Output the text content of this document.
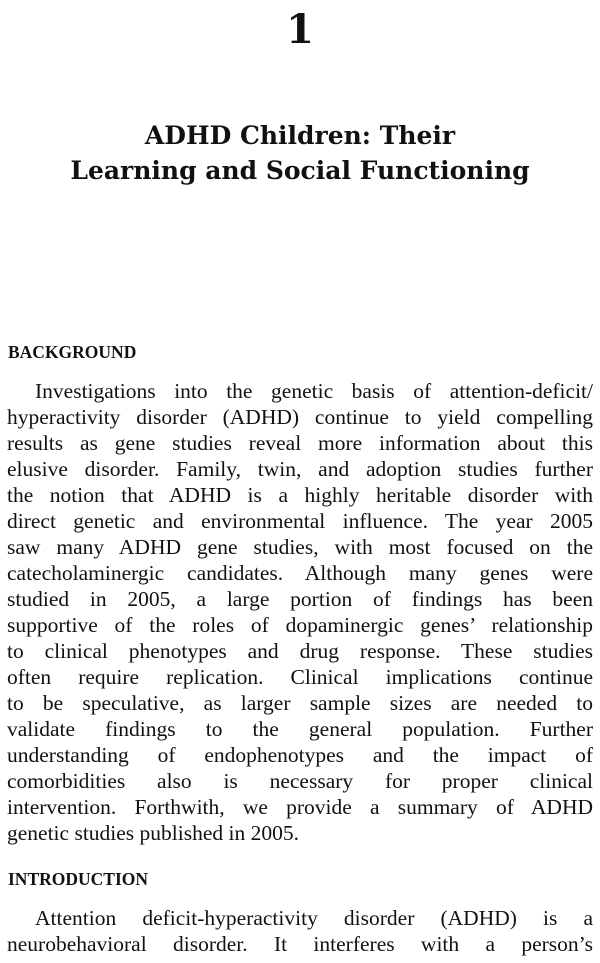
1
ADHD Children: Their
Learning and Social Functioning
BACKGROUND
Investigations into the genetic basis of attention-deficit/
hyperactivity disorder (ADHD) continue to yield compelling
results as gene studies reveal more information about this
elusive disorder. Family, twin, and adoption studies further
the notion that ADHD is a highly heritable disorder with
direct genetic and environmental influence. The year 2005
saw many ADHD gene studies, with most focused on the
catecholaminergic candidates. Although many genes were
studied in 2005, a large portion of findings has been
supportive of the roles of dopaminergic genes’ relationship
to clinical phenotypes and drug response. These studies
often require replication. Clinical implications continue
to be speculative, as larger sample sizes are needed to
validate findings to the general population. Further
understanding of endophenotypes and the impact of
comorbidities also is necessary for proper clinical
intervention. Forthwith, we provide a summary of ADHD
genetic studies published in 2005.
INTRODUCTION
Attention deficit-hyperactivity disorder (ADHD) is a
neurobehavioral disorder. It interferes with a person’s
